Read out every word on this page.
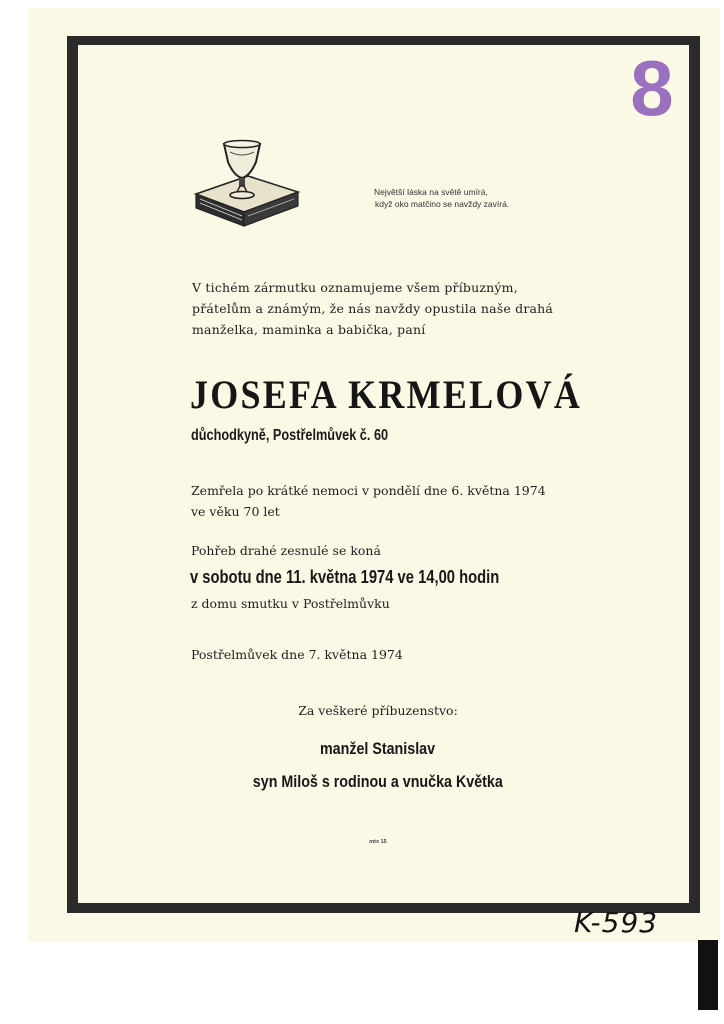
8
Největší láska na světě umírá,
když oko matčino se navždy zavírá.
V tichém zármutku oznamujeme všem příbuzným,
přátelům a známým, že nás navždy opustila naše drahá
manželka, maminka a babička, paní
JOSEFA KRMELOVÁ
důchodkyně, Postřelmůvek č. 60
Zemřela po krátké nemoci v pondělí dne 6. května 1974
ve věku 70 let
Pohřeb drahé zesnulé se koná
v sobotu dne 11. května 1974 ve 14,00 hodin
z domu smutku v Postřelmůvku
Postřelmůvek dne 7. května 1974
Za veškeré příbuzenstvo:
manžel Stanislav
syn Miloš s rodinou a vnučka Květka
mtx 15
K-593
